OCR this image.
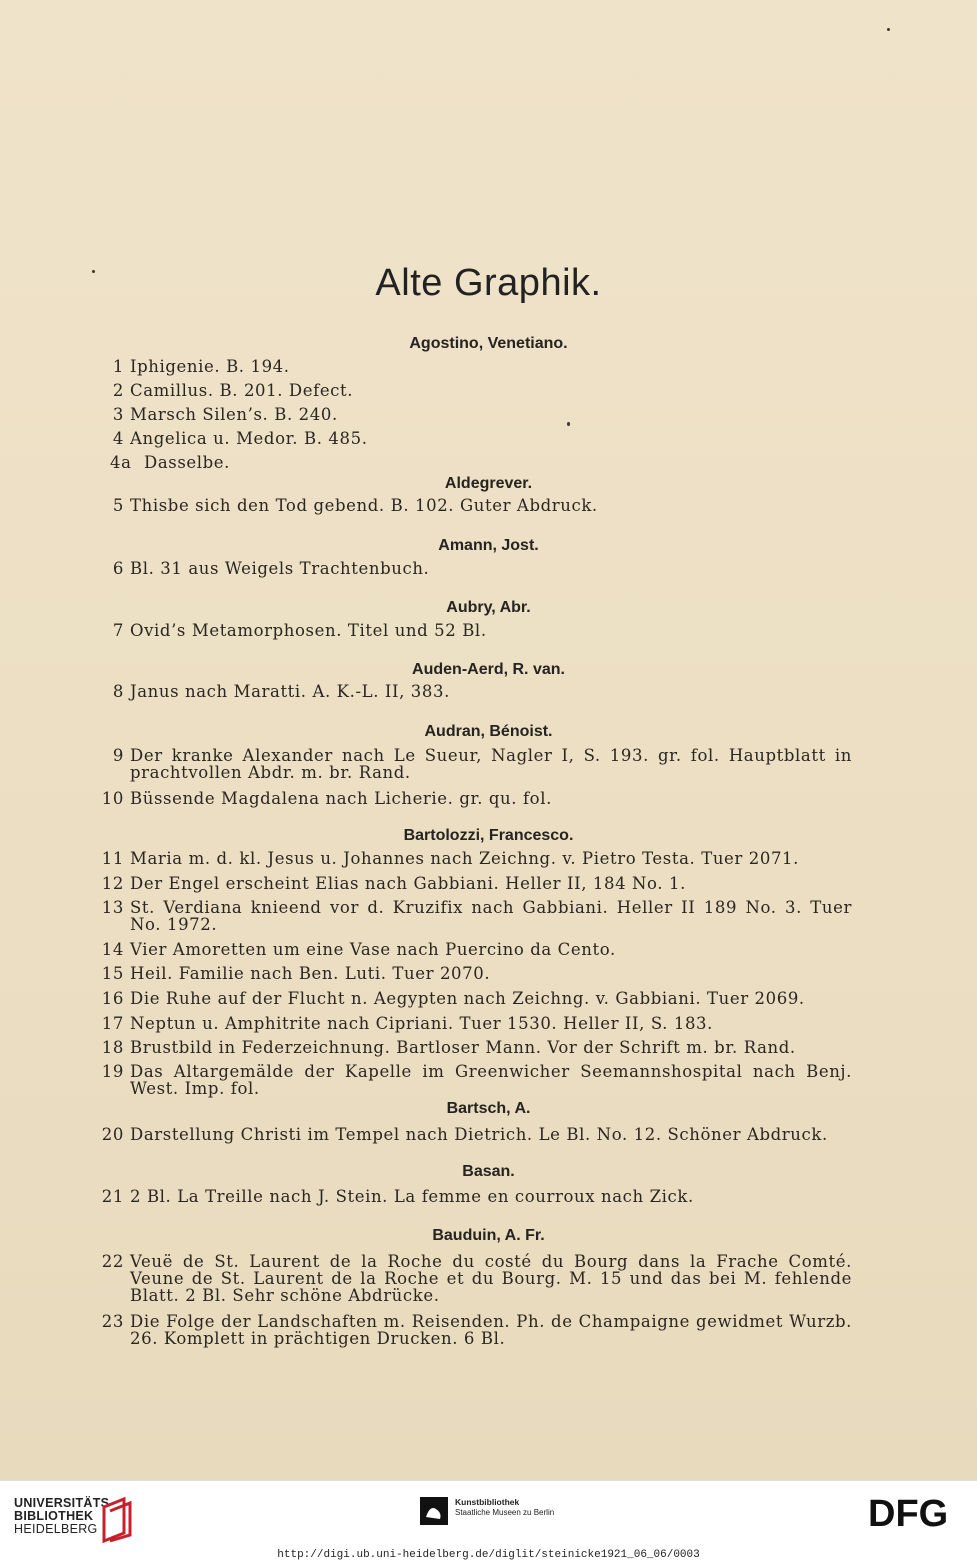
Alte Graphik.
Agostino, Venetiano.
1 Iphigenie. B. 194.
2 Camillus. B. 201. Defect.
3 Marsch Silen’s. B. 240.
4 Angelica u. Medor. B. 485.
4a Dasselbe.
Aldegrever.
5 Thisbe sich den Tod gebend. B. 102. Guter Abdruck.
Amann, Jost.
6 Bl. 31 aus Weigels Trachtenbuch.
Aubry, Abr.
7 Ovid’s Metamorphosen. Titel und 52 Bl.
Auden-Aerd, R. van.
8 Janus nach Maratti. A. K.-L. II, 383.
Audran, Bénoist.
9 Der kranke Alexander nach Le Sueur, Nagler I, S. 193. gr. fol. Hauptblatt in prachtvollen Abdr. m. br. Rand.
10 Büssende Magdalena nach Licherie. gr. qu. fol.
Bartolozzi, Francesco.
11 Maria m. d. kl. Jesus u. Johannes nach Zeichng. v. Pietro Testa. Tuer 2071.
12 Der Engel erscheint Elias nach Gabbiani. Heller II, 184 No. 1.
13 St. Verdiana knieend vor d. Kruzifix nach Gabbiani. Heller II 189 No. 3. Tuer No. 1972.
14 Vier Amoretten um eine Vase nach Puercino da Cento.
15 Heil. Familie nach Ben. Luti. Tuer 2070.
16 Die Ruhe auf der Flucht n. Aegypten nach Zeichng. v. Gabbiani. Tuer 2069.
17 Neptun u. Amphitrite nach Cipriani. Tuer 1530. Heller II, S. 183.
18 Brustbild in Federzeichnung. Bartloser Mann. Vor der Schrift m. br. Rand.
19 Das Altargemälde der Kapelle im Greenwicher Seemannshospital nach Benj. West. Imp. fol.
Bartsch, A.
20 Darstellung Christi im Tempel nach Dietrich. Le Bl. No. 12. Schöner Abdruck.
Basan.
21 2 Bl. La Treille nach J. Stein. La femme en courroux nach Zick.
Bauduin, A. Fr.
22 Veuë de St. Laurent de la Roche du costé du Bourg dans la Frache Comté. Veune de St. Laurent de la Roche et du Bourg. M. 15 und das bei M. fehlende Blatt. 2 Bl. Sehr schöne Abdrücke.
23 Die Folge der Landschaften m. Reisenden. Ph. de Champaigne gewidmet Wurzb. 26. Komplett in prächtigen Drucken. 6 Bl.
UNIVERSITÄTS-
BIBLIOTHEK
HEIDELBERG
Kunstbibliothek
Staatliche Museen zu Berlin	DFG
http://digi.ub.uni-heidelberg.de/diglit/steinicke1921_06_06/0003
